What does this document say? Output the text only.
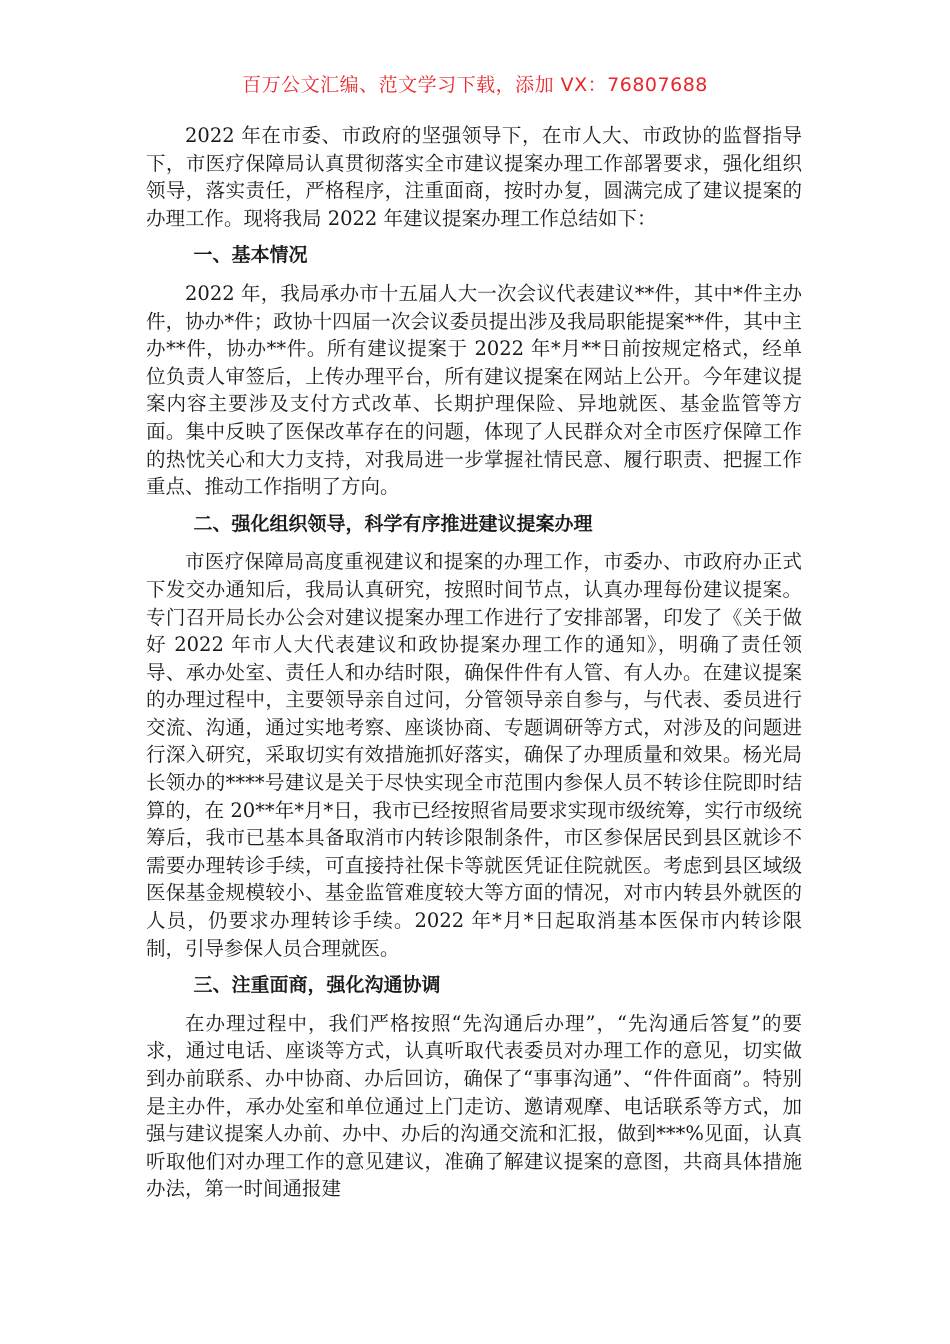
百万公文汇编、范文学习下载，添加 VX：76807688

2022 年在市委、市政府的坚强领导下，在市人大、市政协的监督指导下，市医疗保障局认真贯彻落实全市建议提案办理工作部署要求，强化组织领导，落实责任，严格程序，注重面商，按时办复，圆满完成了建议提案的办理工作。现将我局 2022 年建议提案办理工作总结如下：

一、基本情况

2022 年，我局承办市十五届人大一次会议代表建议**件，其中*件主办件，协办*件；政协十四届一次会议委员提出涉及我局职能提案**件，其中主办**件，协办**件。所有建议提案于 2022 年*月**日前按规定格式，经单位负责人审签后，上传办理平台，所有建议提案在网站上公开。今年建议提案内容主要涉及支付方式改革、长期护理保险、异地就医、基金监管等方面。集中反映了医保改革存在的问题，体现了人民群众对全市医疗保障工作的热忱关心和大力支持，对我局进一步掌握社情民意、履行职责、把握工作重点、推动工作指明了方向。

二、强化组织领导，科学有序推进建议提案办理

市医疗保障局高度重视建议和提案的办理工作，市委办、市政府办正式下发交办通知后，我局认真研究，按照时间节点，认真办理每份建议提案。专门召开局长办公会对建议提案办理工作进行了安排部署，印发了《关于做好 2022 年市人大代表建议和政协提案办理工作的通知》，明确了责任领导、承办处室、责任人和办结时限，确保件件有人管、有人办。在建议提案的办理过程中，主要领导亲自过问，分管领导亲自参与，与代表、委员进行交流、沟通，通过实地考察、座谈协商、专题调研等方式，对涉及的问题进行深入研究，采取切实有效措施抓好落实，确保了办理质量和效果。杨光局长领办的****号建议是关于尽快实现全市范围内参保人员不转诊住院即时结算的，在 20**年*月*日，我市已经按照省局要求实现市级统筹，实行市级统筹后，我市已基本具备取消市内转诊限制条件，市区参保居民到县区就诊不需要办理转诊手续，可直接持社保卡等就医凭证住院就医。考虑到县区域级医保基金规模较小、基金监管难度较大等方面的情况，对市内转县外就医的人员，仍要求办理转诊手续。2022 年*月*日起取消基本医保市内转诊限制，引导参保人员合理就医。

三、注重面商，强化沟通协调

在办理过程中，我们严格按照“先沟通后办理”，“先沟通后答复”的要求，通过电话、座谈等方式，认真听取代表委员对办理工作的意见，切实做到办前联系、办中协商、办后回访，确保了“事事沟通”、“件件面商”。特别是主办件，承办处室和单位通过上门走访、邀请观摩、电话联系等方式，加强与建议提案人办前、办中、办后的沟通交流和汇报，做到***%见面，认真听取他们对办理工作的意见建议，准确了解建议提案的意图，共商具体措施办法，第一时间通报建
